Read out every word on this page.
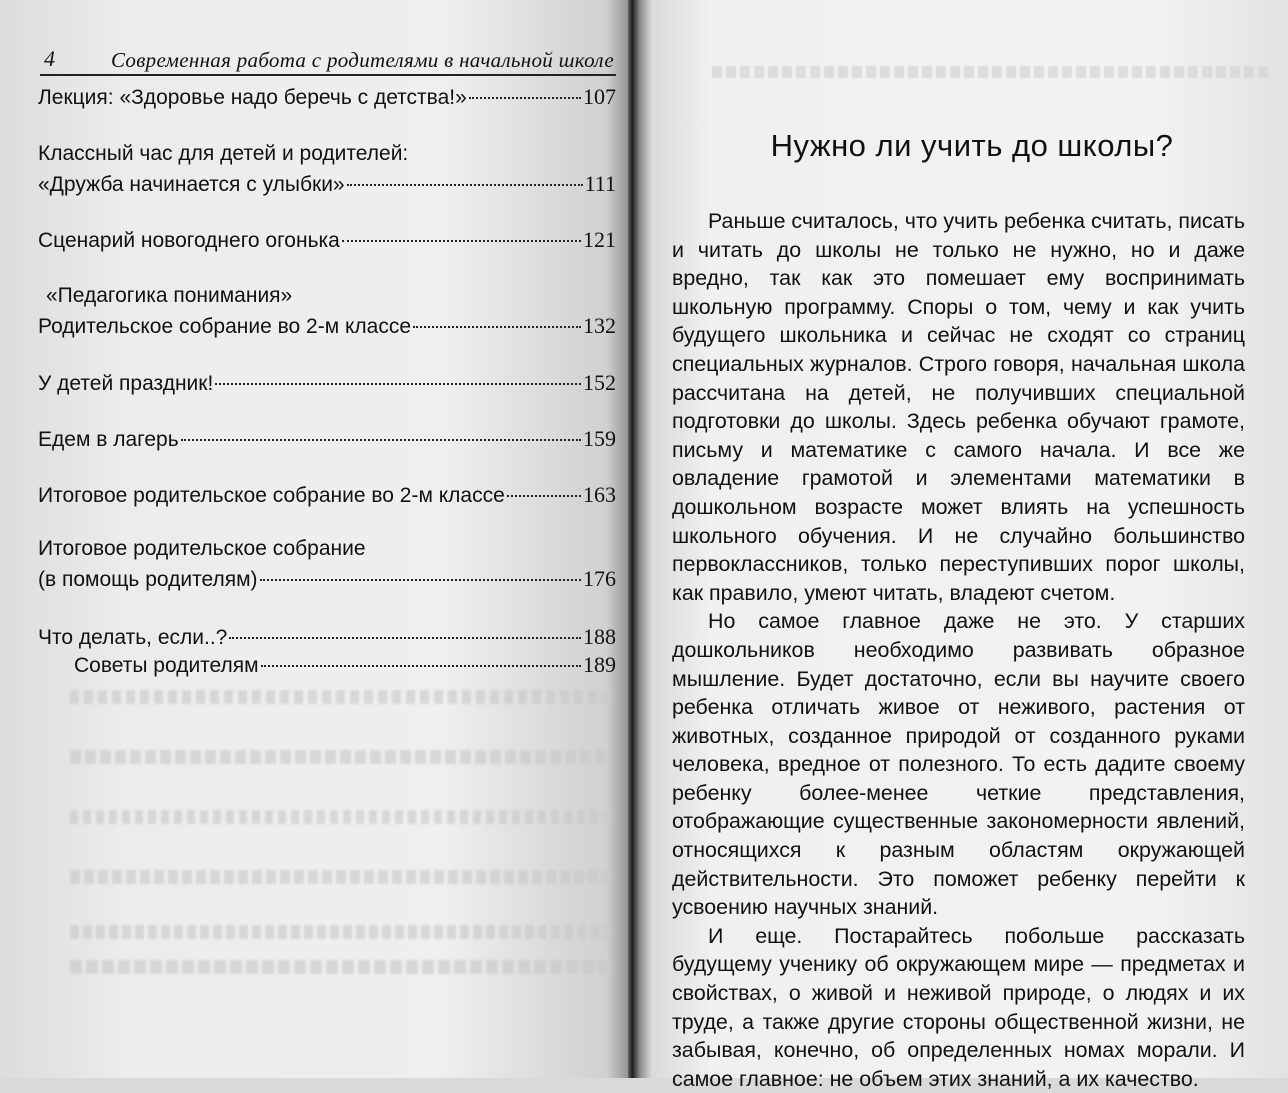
4	Современная работа с родителями в начальной школе
Лекция: «Здоровье надо беречь с детства!»	107
Классный час для детей и родителей:
«Дружба начинается с улыбки»	111
Сценарий новогоднего огонька	121
«Педагогика понимания»
Родительское собрание во 2-м классе	132
У детей праздник!	152
Едем в лагерь	159
Итоговое родительское собрание во 2-м классе	163
Итоговое родительское собрание
(в помощь родителям)	176
Что делать, если..?	188
Советы родителям	189
Нужно ли учить до школы?

Раньше считалось, что учить ребенка считать, писать и читать до школы не только не нужно, но и даже вредно, так как это помешает ему воспринимать школьную программу. Споры о том, чему и как учить будущего школьника и сейчас не сходят со страниц специальных журналов. Строго говоря, начальная школа рассчитана на детей, не получивших специальной подготовки до школы. Здесь ребенка обучают грамоте, письму и математике с самого начала. И все же овладение грамотой и элементами математики в дошкольном возрасте может влиять на успешность школьного обучения. И не случайно большинство первоклассников, только переступивших порог школы, как правило, умеют читать, владеют счетом.

Но самое главное даже не это. У старших дошкольников необходимо развивать образное мышление. Будет достаточно, если вы научите своего ребенка отличать живое от неживого, растения от животных, созданное природой от созданного руками человека, вредное от полезного. То есть дадите своему ребенку более-менее четкие представления, отображающие существенные закономерности явлений, относящихся к разным областям окружающей действительности. Это поможет ребенку перейти к усвоению научных знаний.

И еще. Постарайтесь побольше рассказать будущему ученику об окружающем мире — предметах и свойствах, о живой и неживой природе, о людях и их труде, а также другие стороны общественной жизни, не забывая, конечно, об определенных номах морали. И самое главное: не объем этих знаний, а их качество.
